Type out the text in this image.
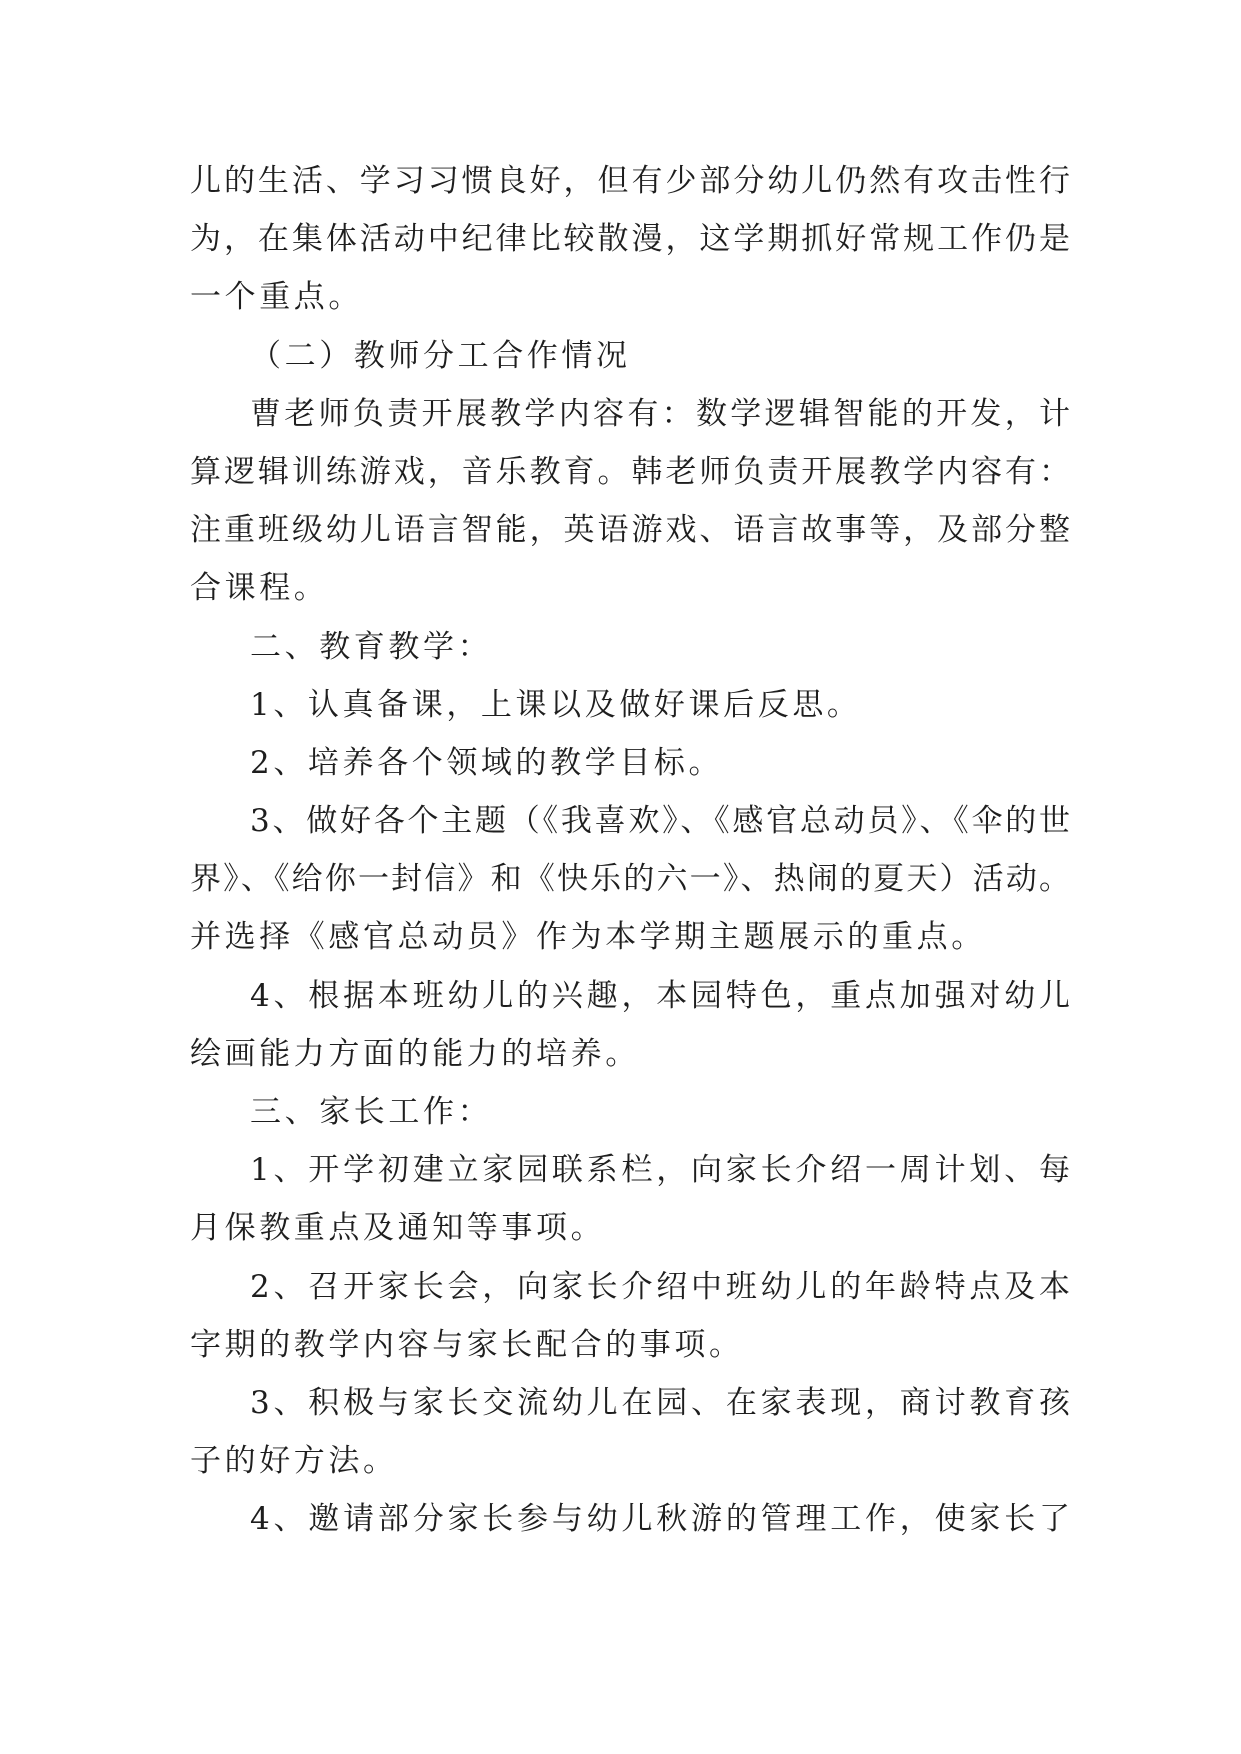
儿的生活、学习习惯良好，但有少部分幼儿仍然有攻击性行
为，在集体活动中纪律比较散漫，这学期抓好常规工作仍是
一个重点。
（二）教师分工合作情况
曹老师负责开展教学内容有：数学逻辑智能的开发，计
算逻辑训练游戏，音乐教育。韩老师负责开展教学内容有：
注重班级幼儿语言智能，英语游戏、语言故事等，及部分整
合课程。
二、教育教学：
1、认真备课，上课以及做好课后反思。
2、培养各个领域的教学目标。
3、做好各个主题（《我喜欢》、《感官总动员》、《伞的世
界》、《给你一封信》和《快乐的六一》、热闹的夏天）活动。
并选择《感官总动员》作为本学期主题展示的重点。
4、根据本班幼儿的兴趣，本园特色，重点加强对幼儿
绘画能力方面的能力的培养。
三、家长工作：
1、开学初建立家园联系栏，向家长介绍一周计划、每
月保教重点及通知等事项。
2、召开家长会，向家长介绍中班幼儿的年龄特点及本
字期的教学内容与家长配合的事项。
3、积极与家长交流幼儿在园、在家表现，商讨教育孩
子的好方法。
4、邀请部分家长参与幼儿秋游的管理工作，使家长了
